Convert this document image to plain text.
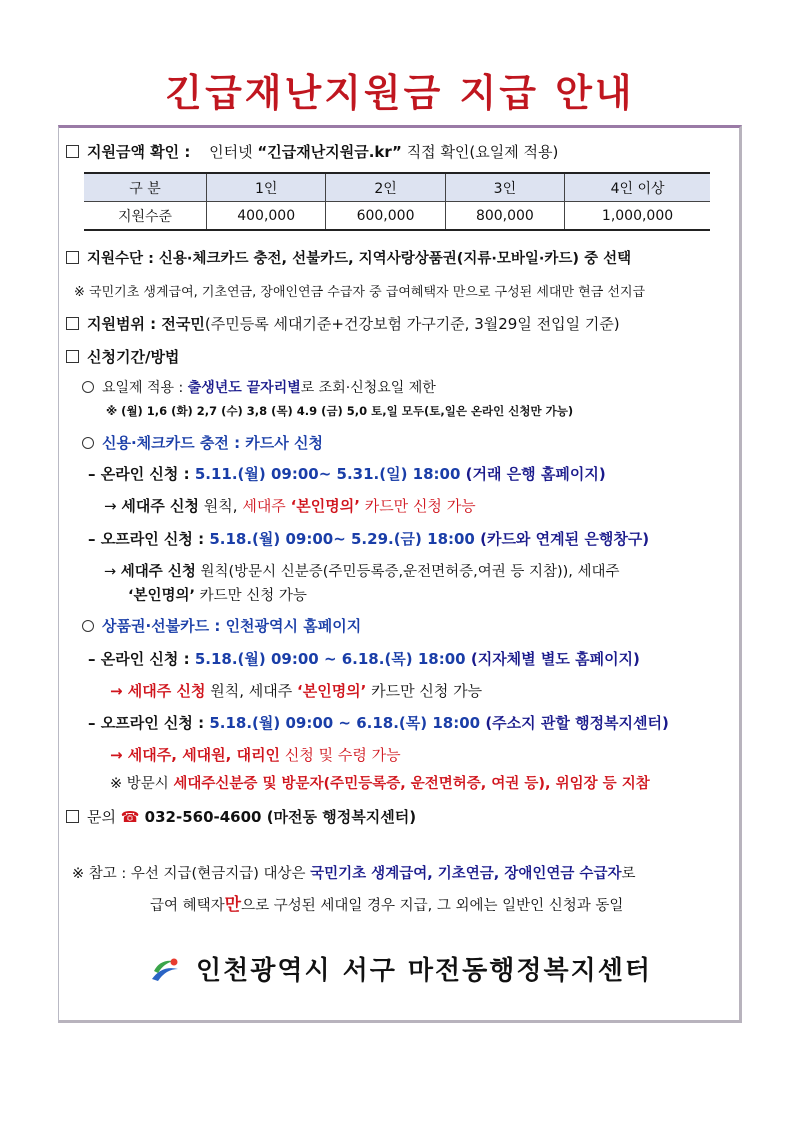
긴급재난지원금 지급 안내
지원금액 확인 : 인터넷 “긴급재난지원금.kr” 직접 확인(요일제 적용)
구 분	1인	2인	3인	4인 이상
지원수준	400,000	600,000	800,000	1,000,000
지원수단 : 신용·체크카드 충전, 선불카드, 지역사랑상품권(지류·모바일·카드) 중 선택
※ 국민기초 생계급여, 기초연금, 장애인연금 수급자 중 급여혜택자 만으로 구성된 세대만 현금 선지급
지원범위 : 전국민(주민등록 세대기준+건강보험 가구기준, 3월29일 전입일 기준)
신청기간/방법
요일제 적용 : 출생년도 끝자리별로 조회·신청요일 제한
※ (월) 1,6 (화) 2,7 (수) 3,8 (목) 4.9 (금) 5,0 토,일 모두(토,일은 온라인 신청만 가능)
신용·체크카드 충전 : 카드사 신청
– 온라인 신청 : 5.11.(월) 09:00~ 5.31.(일) 18:00 (거래 은행 홈페이지)
→ 세대주 신청 원칙, 세대주 ‘본인명의’ 카드만 신청 가능
– 오프라인 신청 : 5.18.(월) 09:00~ 5.29.(금) 18:00 (카드와 연계된 은행창구)
→ 세대주 신청 원칙(방문시 신분증(주민등록증,운전면허증,여권 등 지참)), 세대주
‘본인명의’ 카드만 신청 가능
상품권·선불카드 : 인천광역시 홈페이지
– 온라인 신청 : 5.18.(월) 09:00 ~ 6.18.(목) 18:00 (지자체별 별도 홈페이지)
→ 세대주 신청 원칙, 세대주 ‘본인명의’ 카드만 신청 가능
– 오프라인 신청 : 5.18.(월) 09:00 ~ 6.18.(목) 18:00 (주소지 관할 행정복지센터)
→ 세대주, 세대원, 대리인 신청 및 수령 가능
※ 방문시 세대주신분증 및 방문자(주민등록증, 운전면허증, 여권 등), 위임장 등 지참
문의 ☎ 032-560-4600 (마전동 행정복지센터)
※ 참고 : 우선 지급(현금지급) 대상은 국민기초 생계급여, 기초연금, 장애인연금 수급자로
급여 혜택자만으로 구성된 세대일 경우 지급, 그 외에는 일반인 신청과 동일
인천광역시 서구 마전동행정복지센터
